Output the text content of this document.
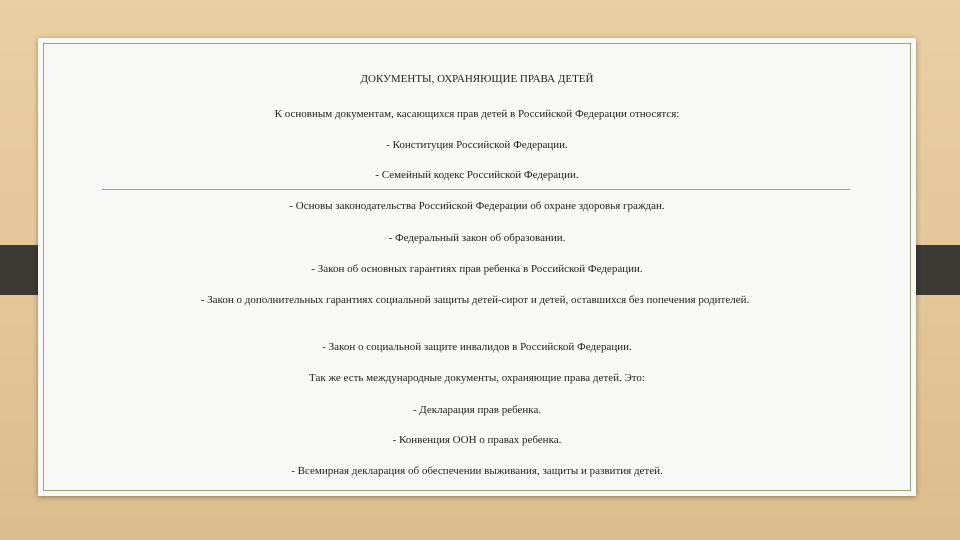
ДОКУМЕНТЫ, ОХРАНЯЮЩИЕ ПРАВА ДЕТЕЙ
К основным документам, касающихся прав детей в Российской Федерации относятся:
- Конституция Российской Федерации.
- Семейный кодекс Российской Федерации.
- Основы законодательства Российской Федерации об охране здоровья граждан.
- Федеральный закон об образовании.
- Закон об основных гарантиях прав ребенка в Российской Федерации.
- Закон о дополнительных гарантиях социальной защиты детей-сирот и детей, оставшихся без попечения родителей.
- Закон о социальной защите инвалидов в Российской Федерации.
Так же есть международные документы, охраняющие права детей. Это:
- Декларация прав ребенка.
- Конвенция ООН о правах ребенка.
- Всемирная декларация об обеспечении выживания, защиты и развития детей.
